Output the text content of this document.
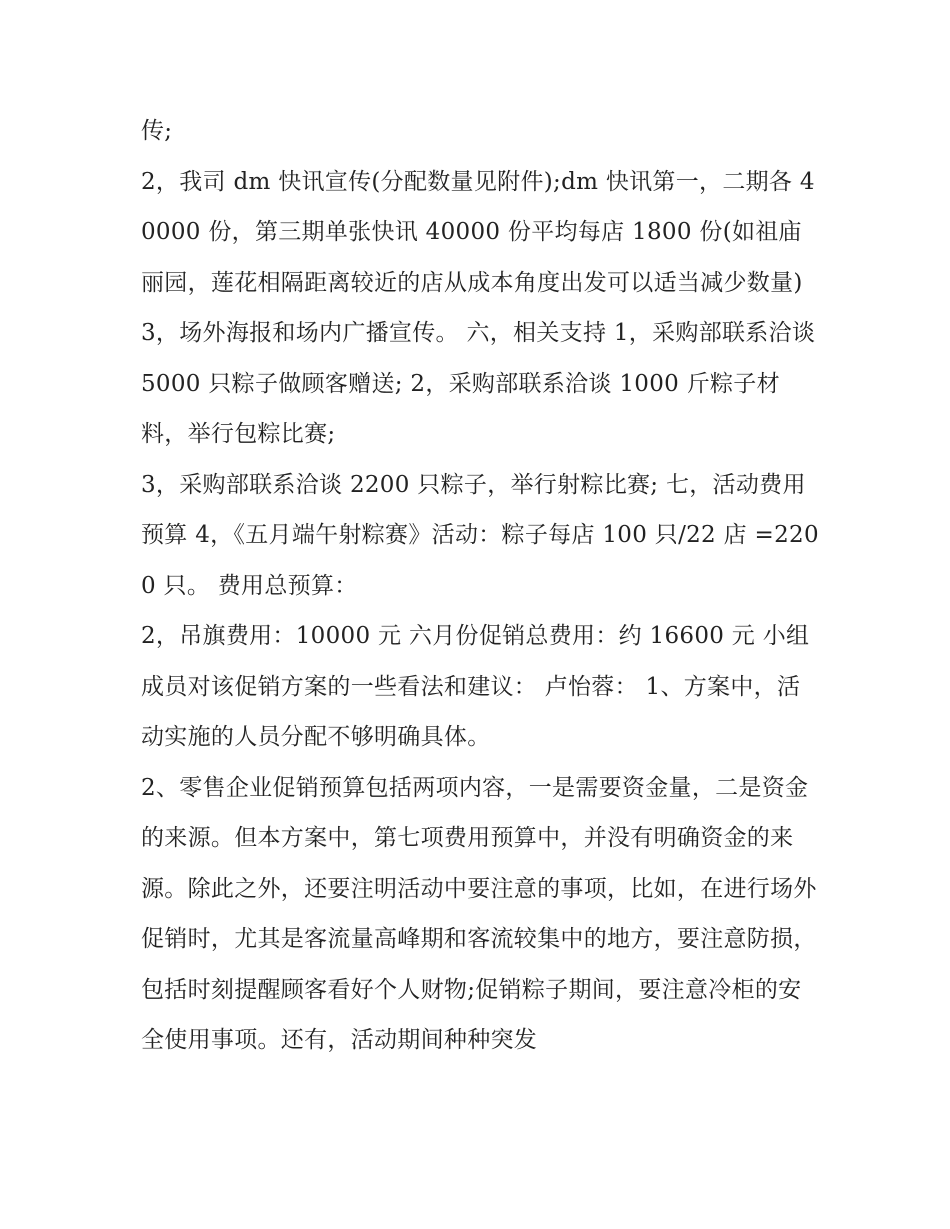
传;

2，我司 dm 快讯宣传(分配数量见附件);dm 快讯第一，二期各 40000 份，第三期单张快讯 40000 份平均每店 1800 份(如祖庙丽园，莲花相隔距离较近的店从成本角度出发可以适当减少数量)

3，场外海报和场内广播宣传。 六，相关支持 1，采购部联系洽谈 5000 只粽子做顾客赠送; 2，采购部联系洽谈 1000 斤粽子材料，举行包粽比赛;

3，采购部联系洽谈 2200 只粽子，举行射粽比赛; 七，活动费用预算 4，《五月端午射粽赛》活动：粽子每店 100 只/22 店 =2200 只。 费用总预算：

2，吊旗费用：10000 元 六月份促销总费用：约 16600 元 小组成员对该促销方案的一些看法和建议： 卢怡蓉： 1、方案中，活动实施的人员分配不够明确具体。

2、零售企业促销预算包括两项内容，一是需要资金量，二是资金的来源。但本方案中，第七项费用预算中，并没有明确资金的来源。除此之外，还要注明活动中要注意的事项，比如，在进行场外促销时，尤其是客流量高峰期和客流较集中的地方，要注意防损，包括时刻提醒顾客看好个人财物;促销粽子期间，要注意冷柜的安全使用事项。还有，活动期间种种突发
